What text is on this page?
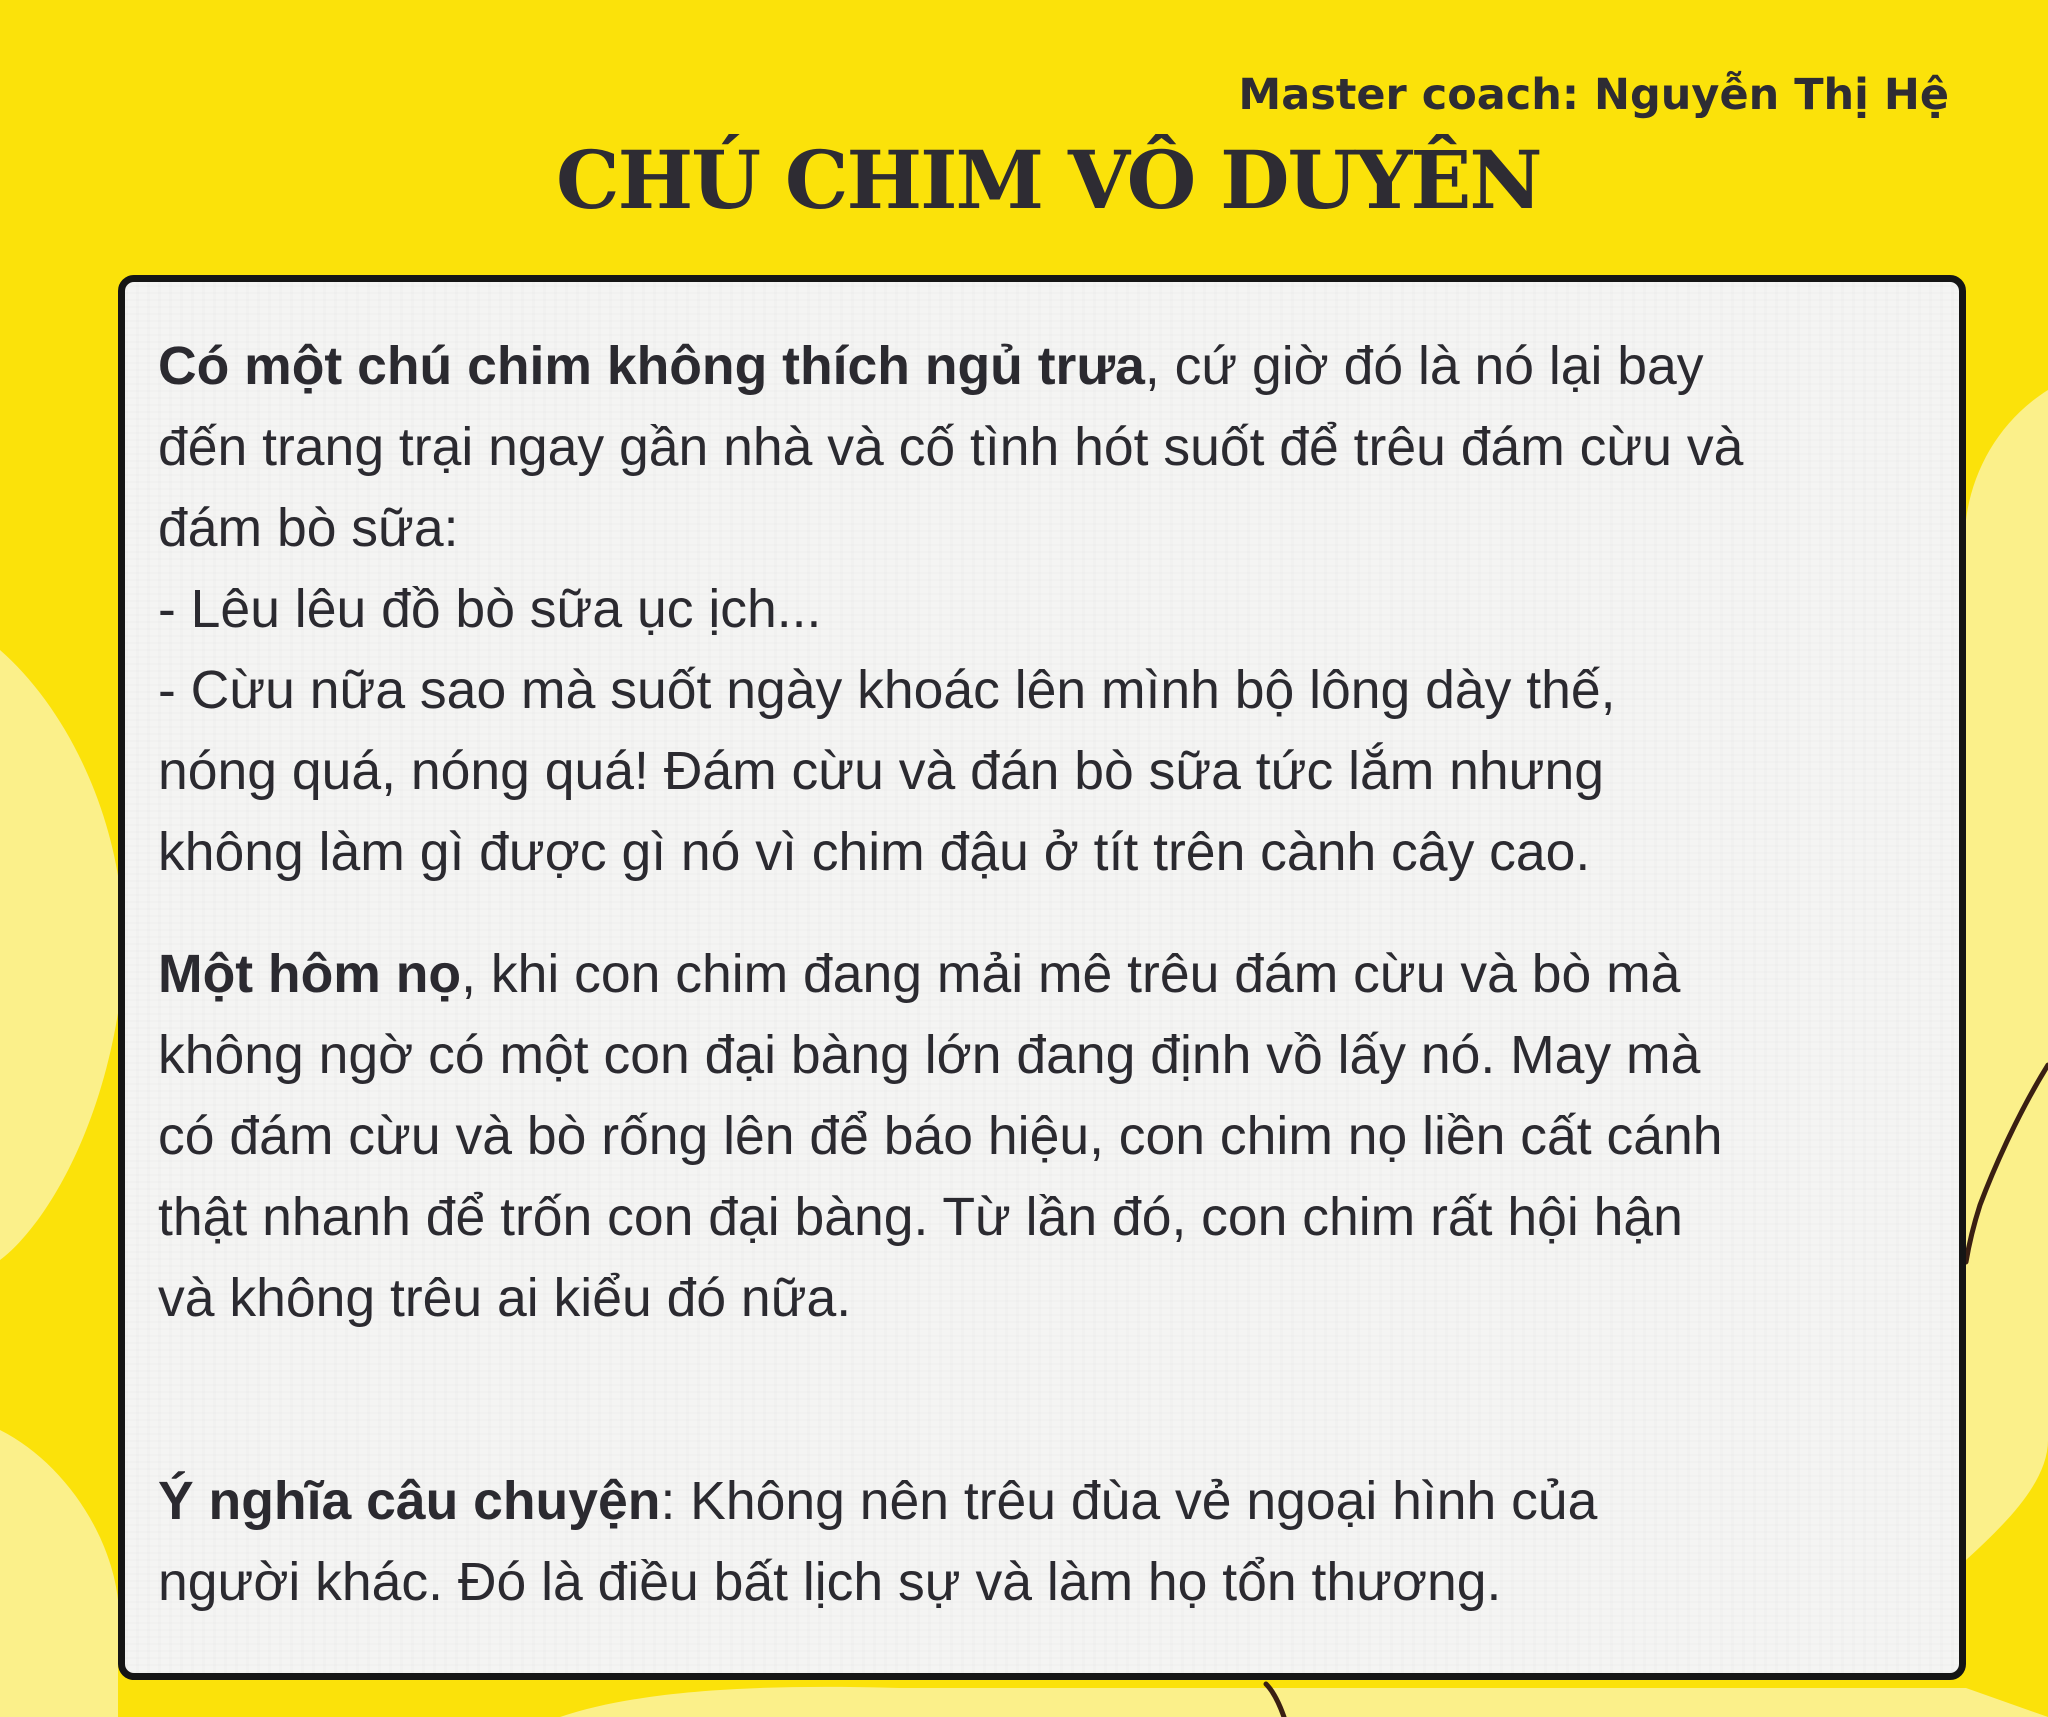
Master coach: Nguyễn Thị Hệ
CHÚ CHIM VÔ DUYÊN
Có một chú chim không thích ngủ trưa, cứ giờ đó là nó lại bay
đến trang trại ngay gần nhà và cố tình hót suốt để trêu đám cừu và
đám bò sữa:
- Lêu lêu đồ bò sữa ục ịch...
- Cừu nữa sao mà suốt ngày khoác lên mình bộ lông dày thế,
nóng quá, nóng quá! Đám cừu và đán bò sữa tức lắm nhưng
không làm gì được gì nó vì chim đậu ở tít trên cành cây cao.
Một hôm nọ, khi con chim đang mải mê trêu đám cừu và bò mà
không ngờ có một con đại bàng lớn đang định vồ lấy nó. May mà
có đám cừu và bò rống lên để báo hiệu, con chim nọ liền cất cánh
thật nhanh để trốn con đại bàng. Từ lần đó, con chim rất hội hận
và không trêu ai kiểu đó nữa.
Ý nghĩa câu chuyện: Không nên trêu đùa vẻ ngoại hình của
người khác. Đó là điều bất lịch sự và làm họ tổn thương.
